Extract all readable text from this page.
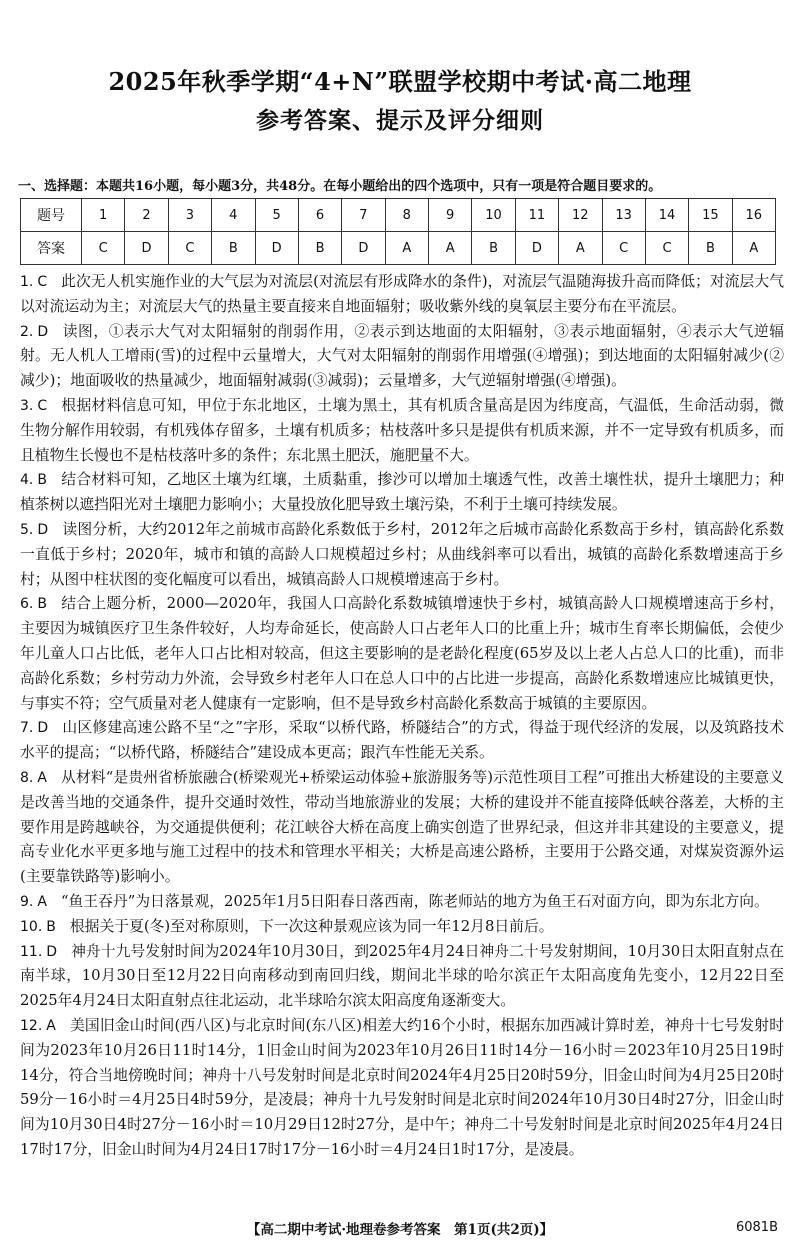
2025年秋季学期“4+N”联盟学校期中考试·高二地理
参考答案、提示及评分细则
一、选择题：本题共16小题，每小题3分，共48分。在每小题给出的四个选项中，只有一项是符合题目要求的。
题号	1	2	3	4	5	6	7	8	9	10	11	12	13	14	15	16
答案	C	D	C	B	D	B	D	A	A	B	D	A	C	C	B	A

1. C 此次无人机实施作业的大气层为对流层(对流层有形成降水的条件)，对流层气温随海拔升高而降低；对流层大气以对流运动为主；对流层大气的热量主要直接来自地面辐射；吸收紫外线的臭氧层主要分布在平流层。

2. D 读图，①表示大气对太阳辐射的削弱作用，②表示到达地面的太阳辐射，③表示地面辐射，④表示大气逆辐射。无人机人工增雨(雪)的过程中云量增大，大气对太阳辐射的削弱作用增强(④增强)；到达地面的太阳辐射减少(②减少)；地面吸收的热量减少，地面辐射减弱(③减弱)；云量增多，大气逆辐射增强(④增强)。

3. C 根据材料信息可知，甲位于东北地区，土壤为黑土，其有机质含量高是因为纬度高，气温低，生命活动弱，微生物分解作用较弱，有机残体存留多，土壤有机质多；枯枝落叶多只是提供有机质来源，并不一定导致有机质多，而且植物生长慢也不是枯枝落叶多的条件；东北黑土肥沃，施肥量不大。

4. B 结合材料可知，乙地区土壤为红壤，土质黏重，掺沙可以增加土壤透气性，改善土壤性状，提升土壤肥力；种植茶树以遮挡阳光对土壤肥力影响小；大量投放化肥导致土壤污染，不利于土壤可持续发展。

5. D 读图分析，大约2012年之前城市高龄化系数低于乡村，2012年之后城市高龄化系数高于乡村，镇高龄化系数一直低于乡村；2020年，城市和镇的高龄人口规模超过乡村；从曲线斜率可以看出，城镇的高龄化系数增速高于乡村；从图中柱状图的变化幅度可以看出，城镇高龄人口规模增速高于乡村。

6. B 结合上题分析，2000—2020年，我国人口高龄化系数城镇增速快于乡村，城镇高龄人口规模增速高于乡村，主要因为城镇医疗卫生条件较好，人均寿命延长，使高龄人口占老年人口的比重上升；城市生育率长期偏低，会使少年儿童人口占比低，老年人口占比相对较高，但这主要影响的是老龄化程度(65岁及以上老人占总人口的比重)，而非高龄化系数；乡村劳动力外流，会导致乡村老年人口在总人口中的占比进一步提高，高龄化系数增速应比城镇更快，与事实不符；空气质量对老人健康有一定影响，但不是导致乡村高龄化系数高于城镇的主要原因。

7. D 山区修建高速公路不呈“之”字形，采取“以桥代路，桥隧结合”的方式，得益于现代经济的发展，以及筑路技术水平的提高；“以桥代路，桥隧结合”建设成本更高；跟汽车性能无关系。

8. A 从材料“是贵州省桥旅融合(桥梁观光+桥梁运动体验+旅游服务等)示范性项目工程”可推出大桥建设的主要意义是改善当地的交通条件，提升交通时效性，带动当地旅游业的发展；大桥的建设并不能直接降低峡谷落差，大桥的主要作用是跨越峡谷，为交通提供便利；花江峡谷大桥在高度上确实创造了世界纪录，但这并非其建设的主要意义，提高专业化水平更多地与施工过程中的技术和管理水平相关；大桥是高速公路桥，主要用于公路交通，对煤炭资源外运(主要靠铁路等)影响小。

9. A “鱼王吞丹”为日落景观，2025年1月5日阳春日落西南，陈老师站的地方为鱼王石对面方向，即为东北方向。

10. B 根据关于夏(冬)至对称原则，下一次这种景观应该为同一年12月8日前后。

11. D 神舟十九号发射时间为2024年10月30日，到2025年4月24日神舟二十号发射期间，10月30日太阳直射点在南半球，10月30日至12月22日向南移动到南回归线，期间北半球的哈尔滨正午太阳高度角先变小，12月22日至2025年4月24日太阳直射点往北运动，北半球哈尔滨太阳高度角逐渐变大。

12. A 美国旧金山时间(西八区)与北京时间(东八区)相差大约16个小时，根据东加西减计算时差，神舟十七号发射时间为2023年10月26日11时14分，1旧金山时间为2023年10月26日11时14分－16小时＝2023年10月25日19时14分，符合当地傍晚时间；神舟十八号发射时间是北京时间2024年4月25日20时59分，旧金山时间为4月25日20时59分－16小时＝4月25日4时59分，是凌晨；神舟十九号发射时间是北京时间2024年10月30日4时27分，旧金山时间为10月30日4时27分－16小时＝10月29日12时27分，是中午；神舟二十号发射时间是北京时间2025年4月24日17时17分，旧金山时间为4月24日17时17分－16小时＝4月24日1时17分，是凌晨。

【高二期中考试·地理卷参考答案　第1页(共2页)】	6081B
